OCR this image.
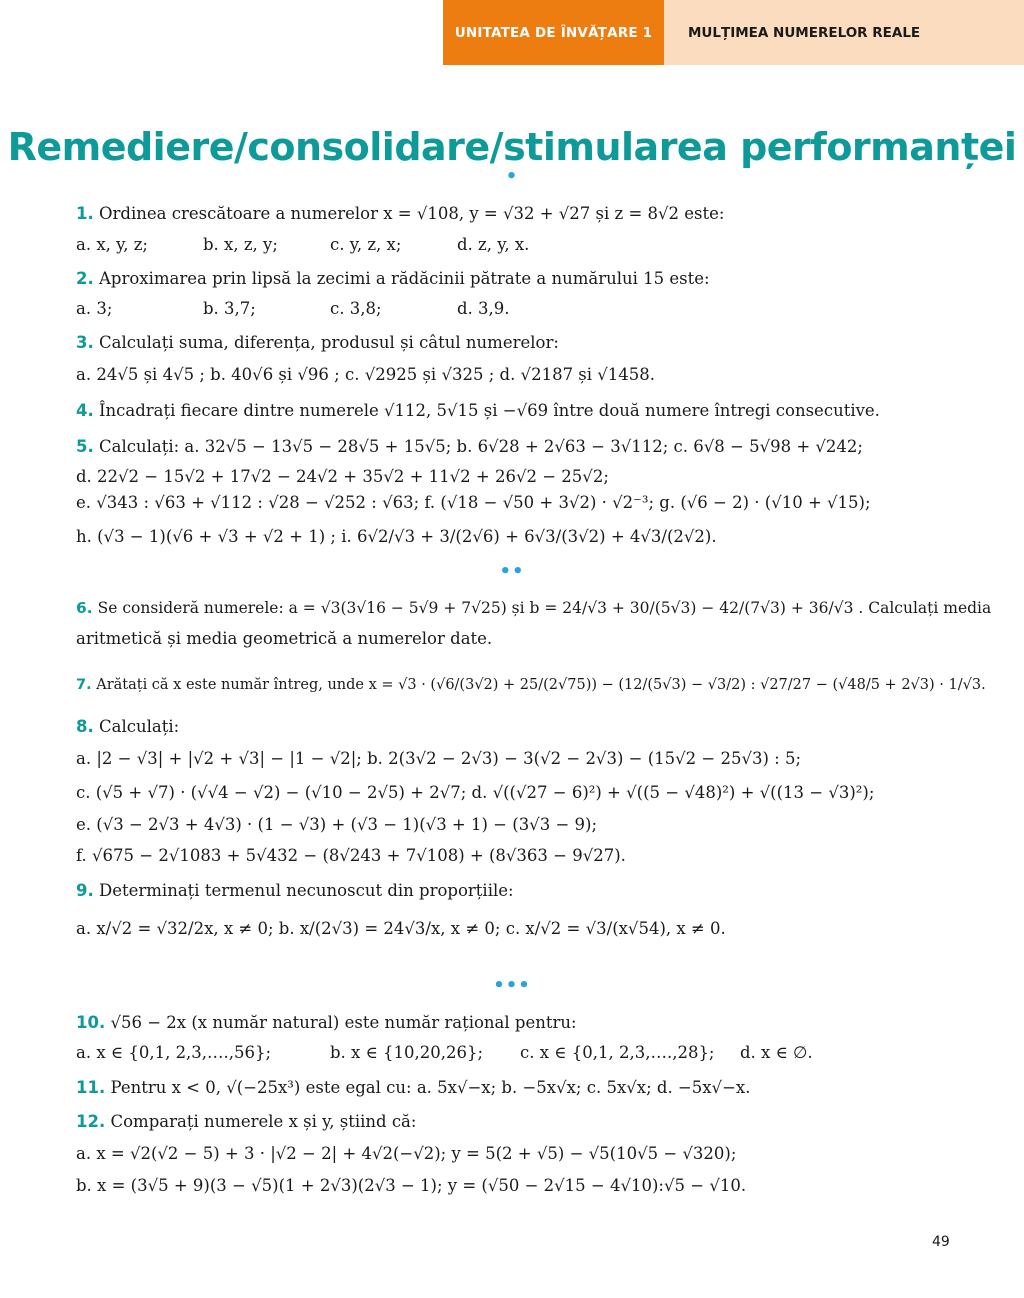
UNITATEA DE ÎNVĂȚARE 1	MULȚIMEA NUMERELOR REALE
Remediere/consolidare/stimularea performanței
•
1. Ordinea crescătoare a numerelor x = √108, y = √32 + √27 și z = 8√2 este:
a. x, y, z;	b. x, z, y;	c. y, z, x;	d. z, y, x.
2. Aproximarea prin lipsă la zecimi a rădăcinii pătrate a numărului 15 este:
a. 3;	b. 3,7;	c. 3,8;	d. 3,9.
3. Calculați suma, diferența, produsul și câtul numerelor:
a. 24√5 și 4√5 ; b. 40√6 și √96 ; c. √2925 și √325 ; d. √2187 și √1458.
4. Încadrați fiecare dintre numerele √112, 5√15 și −√69 între două numere întregi consecutive.
5. Calculați: a. 32√5 − 13√5 − 28√5 + 15√5; b. 6√28 + 2√63 − 3√112; c. 6√8 − 5√98 + √242;
d. 22√2 − 15√2 + 17√2 − 24√2 + 35√2 + 11√2 + 26√2 − 25√2;
e. √343 : √63 + √112 : √28 − √252 : √63; f. (√18 − √50 + 3√2) · √2⁻³; g. (√6 − 2) · (√10 + √15);
h. (√3 − 1)(√6 + √3 + √2 + 1) ; i. 6√2/√3 + 3/(2√6) + 6√3/(3√2) + 4√3/(2√2).
••
6. Se consideră numerele: a = √3(3√16 − 5√9 + 7√25) și b = 24/√3 + 30/(5√3) − 42/(7√3) + 36/√3 . Calculați media
aritmetică și media geometrică a numerelor date.
7. Arătați că x este număr întreg, unde x = √3 · (√6/(3√2) + 25/(2√75)) − (12/(5√3) − √3/2) : √27/27 − (√48/5 + 2√3) · 1/√3.
8. Calculați:
a. |2 − √3| + |√2 + √3| − |1 − √2|; b. 2(3√2 − 2√3) − 3(√2 − 2√3) − (15√2 − 25√3) : 5;
c. (√5 + √7) · (√√4 − √2) − (√10 − 2√5) + 2√7; d. √((√27 − 6)²) + √((5 − √48)²) + √((13 − √3)²);
e. (√3 − 2√3 + 4√3) · (1 − √3) + (√3 − 1)(√3 + 1) − (3√3 − 9);
f. √675 − 2√1083 + 5√432 − (8√243 + 7√108) + (8√363 − 9√27).
9. Determinați termenul necunoscut din proporțiile:
a. x/√2 = √32/2x, x ≠ 0; b. x/(2√3) = 24√3/x, x ≠ 0; c. x/√2 = √3/(x√54), x ≠ 0.
•••
10. √56 − 2x (x număr natural) este număr rațional pentru:
a. x ∈ {0,1, 2,3,….,56};	b. x ∈ {10,20,26}; c. x ∈ {0,1, 2,3,….,28}; d. x ∈ ∅.
11. Pentru x < 0, √(−25x³) este egal cu: a. 5x√−x; b. −5x√x; c. 5x√x; d. −5x√−x.
12. Comparați numerele x și y, știind că:
a. x = √2(√2 − 5) + 3 · |√2 − 2| + 4√2(−√2); y = 5(2 + √5) − √5(10√5 − √320);
b. x = (3√5 + 9)(3 − √5)(1 + 2√3)(2√3 − 1); y = (√50 − 2√15 − 4√10):√5 − √10.
49
